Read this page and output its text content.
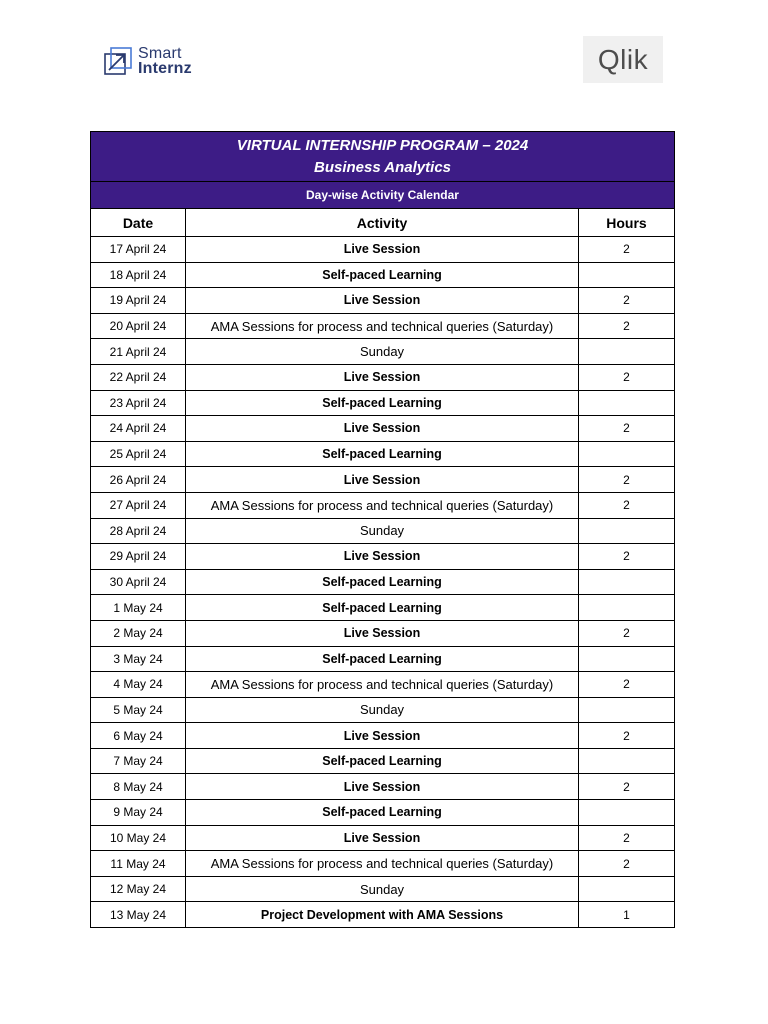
Smart
Internz	Qlik
VIRTUAL INTERNSHIP PROGRAM – 2024
Business Analytics		

Day-wise Activity Calendar		
Date	Activity	Hours
17 April 24	Live Session	2
18 April 24	Self-paced Learning	
19 April 24	Live Session	2
20 April 24	AMA Sessions for process and technical queries (Saturday)	2
21 April 24	Sunday	
22 April 24	Live Session	2
23 April 24	Self-paced Learning	
24 April 24	Live Session	2
25 April 24	Self-paced Learning	
26 April 24	Live Session	2
27 April 24	AMA Sessions for process and technical queries (Saturday)	2
28 April 24	Sunday	
29 April 24	Live Session	2
30 April 24	Self-paced Learning	
1 May 24	Self-paced Learning	
2 May 24	Live Session	2
3 May 24	Self-paced Learning	
4 May 24	AMA Sessions for process and technical queries (Saturday)	2
5 May 24	Sunday	
6 May 24	Live Session	2
7 May 24	Self-paced Learning	
8 May 24	Live Session	2
9 May 24	Self-paced Learning	
10 May 24	Live Session	2
11 May 24	AMA Sessions for process and technical queries (Saturday)	2
12 May 24	Sunday	
13 May 24	Project Development with AMA Sessions	1
